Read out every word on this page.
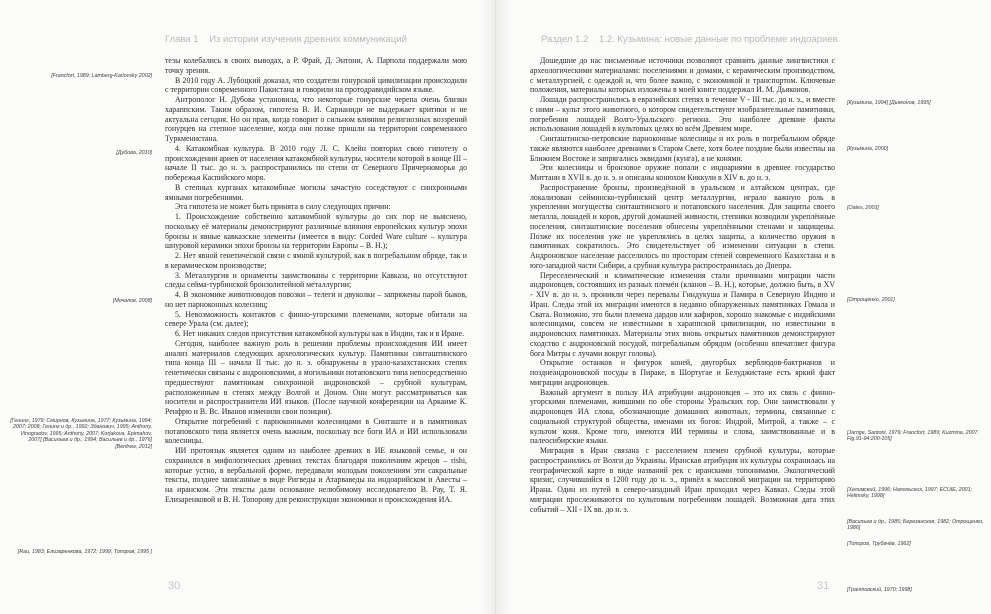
Глава 1 Из истории изучения древних коммуникаций
[Francfort, 1989; Lamberg-Karlovsky 2002]
[Дубова, 2010]
[Мочалов, 2008]
[Генинг, 1979; Смирнов, Кузьмина, 1977; Кузьмина, 1994; 2007; 2008; Генинг и др., 1992; Зданович, 1995; Anthony, Vinogradov, 1995; Anthony, 2007; Korjakova, Epimahov, 2007] [Васильев и др., 1994; Васильев и др., 1976] [Benfrew, 2012]
[Rau, 1983; Елизаренкова, 1972; 1999; Топоров, 1995 ]

тезы колебались в своих выводах, а Р. Фрай, Д. Энтони, А. Парпола поддержали мою точку зрения.

В 2010 году А. Лубоцкий доказал, что создатели гонурской цивилизации происходили с территории современного Пакистана и говорили на протодравидийском языке.

Антрополог Н. Дубова установила, что некоторые гонурские черепа очень близки хараппским. Таким образом, гипотеза В. И. Сарианиди не выдержает критики и не актуальна сегодня. Но он прав, когда говорит о сильном влиянии религиозных воззрений гонурцев на степное население, когда они позже пришли на территории современного Туркменистана.

4. Катакомбная культура. В 2010 году Л. С. Клейн повторил свою гипотезу о происхождении ариев от населения катакомбной культуры, носители которой в конце III – начале II тыс. до н. э. распространились по степи от Северного Причерноморья до побережья Каспийского моря.

В степных курганах катакомбные могилы зачастую соседствуют с синхронными ямными погребениями.

Эта гипотеза не может быть принята в силу следующих причин:

1. Происхождение собственно катакомбной культуры до сих пор не выяснено, поскольку её материалы демонстрируют различные влияния европейских культур эпохи бронзы и явные кавказские элементы (имеется в виду: Corded Ware culture – культура шнуровой керамики эпохи бронзы на территории Европы – В. Н.);

2. Нет явной генетической связи с ямной культурой, как в погребальном обряде, так и в керамическом производстве;

3. Металлургия и орнаменты заимствованы с территории Кавказа, но отсутствуют следы сейма-турбинской бронзолитейной металлургии;

4. В экономике животноводов повозки – телеги и двуколки – запряжены парой быков, но нет парноконных колесниц;

5. Невозможность контактов с финно-угорскими племенами, которые обитали на севере Урала (см. далее);

6. Нет никаких следов присутствия катакомбной культуры как в Индии, так и в Иране.

Сегодня, наиболее важную роль в решении проблемы происхождения ИИ имеет анализ материалов следующих археологических культур. Памятники синташтинского типа конца III – начала II тыс. до н. э. обнаружены в урало-казахстанских степях генетически связаны с андроновскими, а могильники потаповского типа непосредственно предшествуют памятникам синхронной андроновской – срубной культурам, расположенным в степях между Волгой и Доном. Они могут рассматриваться как носители и распространители ИИ языков. (После научной конференции на Аркаиме К. Ренфрю и В. Вс. Иванов изменили свои позиции).

Открытие погребений с парноконными колесницами в Синташте и в памятниках потаповского типа является очень важным, поскольку все боги ИА и ИИ использовали колесницы.

ИИ протоязык является одним из наиболее древних в ИЕ языковой семье, и он сохранился в мифологических древних текстах благодаря поколениям жрецов – rishi, которые устно, в вербальной форме, передавали молодым поколениям эти сакральные тексты, позднее записанные в виде Ригведы и Атарваведы на индоарийском и Авесты – на иранском. Эти тексты дали основание нелюбимому исследователю В. Рау, Т. Я. Елизаренковой и В. Н. Топорову для реконструкции экономики и происхождения ИА.

30
Раздел 1.2 1.2. Кузьмина: новые данные по проблеме индоариев
[Кузьмина, 1994] [Дьяконов, 1995]
[Кузьмина, 2000]
[Oates, 2003]
[Отрощенко, 2001]
[Jarrige, Santoni, 1979; Francfort, 1989; Kuzmina, 2007. Fig.91-94:200-105]
[Хелимский, 1996; Напольских, 1997; ECUIE, 2001; Helimsky, 1998]
[Васильев и др., 1985; Березанская, 1982; Отрощенко, 1986]
[Топоров, Трубачёв, 1962]
[Грантовский, 1970; 1998]

Дошедшие до нас письменные источники позволяют сравнить данные лингвистики с археологическими материалами: поселениями и домами, с керамическим производством, с металлургией, с одеждой и, что более важно, с экономикой и транспортом. Ключевые положения, материалы которых изложены в моей книге поддержал И. М. Дьяконов.

Лошади распространились в евразийских степях в течение V - III тыс. до н. э., и вместе с ними – культ этого животного, о котором свидетельствуют изобразительные памятники, погребения лошадей Волго-Уральского региона. Это наиболее древние факты использования лошадей в культовых целях во всём Древнем мире.

Синташтинско-петровские парноконные колесницы и их роль в погребальном обряде также являются наиболее древними в Старом Свете, хотя более поздние были известны на Ближнем Востоке и запрягались эквидами (кунга), а не конями.

Эти колесницы и бронзовое оружие попали с индоариями в древнее государство Миттани в XVII в. до н. э. и описаны конюхом Киккули в XIV в. до н. э.

Распространение бронзы, произведённой в уральском и алтайском центрах, где локализован сейминско-турбинский центр металлургии, играло важную роль в укреплении могущества синташтинского и потаповского населения. Для защиты своего металла, лошадей и коров, другой домашней живности, степняки возводили укреплённые поселения, синташтинские поселения обнесены укреплёнными стенами и защищены. Позже их поселения уже не укреплялись в целях защиты, а количество оружия в памятниках сократилось. Это свидетельствует об изменении ситуации в степи. Андроновское население расселилось по просторам степей современного Казахстана и в юго-западной части Сибири, а срубная культура распространилась до Днепра.

Переселенческий и климатические изменения стали причинами миграции части андроновцев, состоявших из разных племён (кланов – В. Н.), которые, должно быть, в XV - XIV в. до н. э. проникли через перевалы Гиндукуша и Памира в Северную Индию и Иран. Следы этой их миграции имеются в недавно обнаруженных памятниках Гомала и Свата. Возможно, это были племена дардов или кафиров, хорошо знакомые с индийскими колесницами, совсем не известными в хараппской цивилизации, но известными в андроновских памятниках. Материалы этих вновь открытых памятников демонстрируют сходство с андроновской посудой, погребальным обрядом (особенно впечатляет фигура бога Митры с лучами вокруг головы).

Открытие останков и фигурок коней, двугорбых верблюдов-бактрианов и позднеандроновской посуды в Пираке, в Шортугае и Белуджистане есть яркий факт миграции андроновцев.

Важный аргумент в пользу ИА атрибуции андроновцев – это их связь с финно-угорскими племенами, жившими по обе стороны Уральских гор. Они заимствовали у андроновцев ИА слова, обозначающие домашних животных, термины, связанные с социальной структурой общества, именами их богов: Индрой, Митрой, а также – с культом коня. Кроме того, имеются ИИ термины и слова, заимствованные и в палеосибирские языки.

Миграция в Иран связана с расселением племен срубной культуры, которые распространились от Волги до Украины. Иранская атрибуция их культуры сохранилась на географической карте в виде названий рек с иранскими топонимами. Экологический кризис, случившийся в 1200 году до н. э., привёл к массовой миграции на территорию Ирана. Один из путей в северо-западный Иран проходил через Кавказ. Следы этой миграции прослеживаются по культовым погребениям лошадей. Возможная дата этих событий – XII - IX вв. до н. э.

31
